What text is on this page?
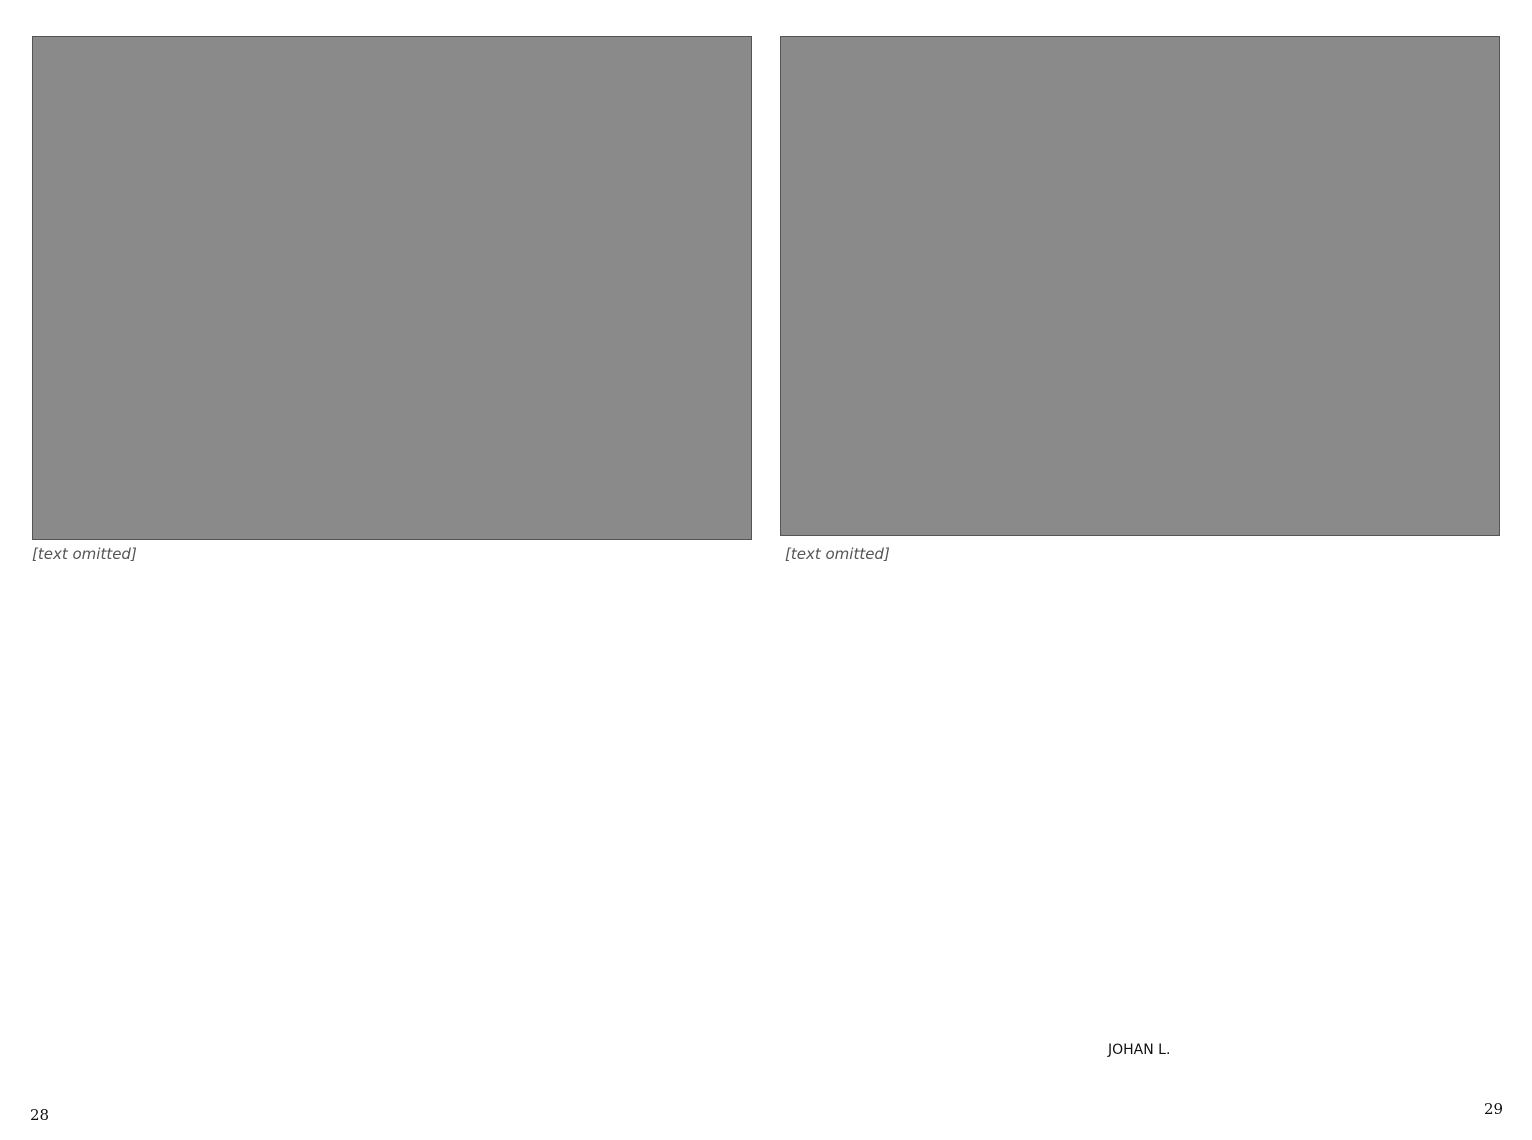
[text omitted]	[text omitted]
JOHAN L.
28	29
